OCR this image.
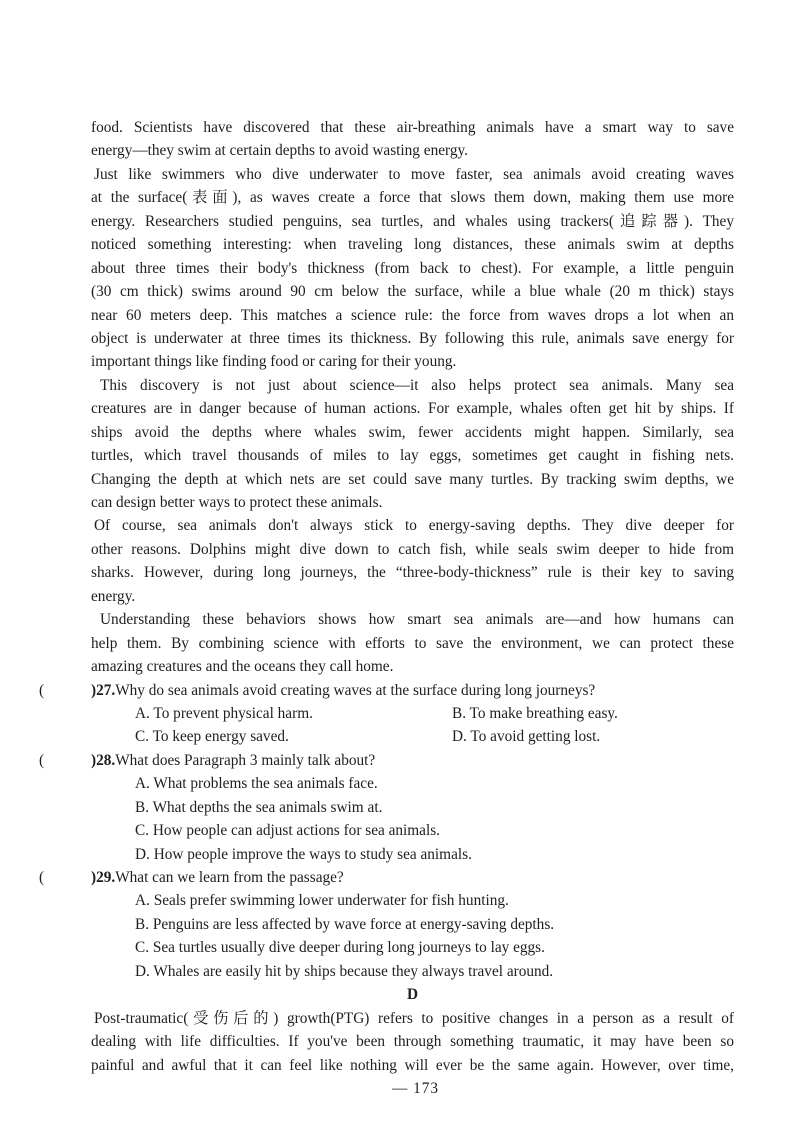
food. Scientists have discovered that these air-breathing animals have a smart way to save
energy—they swim at certain depths to avoid wasting energy.
Just like swimmers who dive underwater to move faster, sea animals avoid creating waves
at the surface(表面), as waves create a force that slows them down, making them use more
energy. Researchers studied penguins, sea turtles, and whales using trackers(追踪器). They
noticed something interesting: when traveling long distances, these animals swim at depths
about three times their body's thickness (from back to chest). For example, a little penguin
(30 cm thick) swims around 90 cm below the surface, while a blue whale (20 m thick) stays
near 60 meters deep. This matches a science rule: the force from waves drops a lot when an
object is underwater at three times its thickness. By following this rule, animals save energy for
important things like finding food or caring for their young.
This discovery is not just about science—it also helps protect sea animals. Many sea
creatures are in danger because of human actions. For example, whales often get hit by ships. If
ships avoid the depths where whales swim, fewer accidents might happen. Similarly, sea
turtles, which travel thousands of miles to lay eggs, sometimes get caught in fishing nets.
Changing the depth at which nets are set could save many turtles. By tracking swim depths, we
can design better ways to protect these animals.
Of course, sea animals don't always stick to energy-saving depths. They dive deeper for
other reasons. Dolphins might dive down to catch fish, while seals swim deeper to hide from
sharks. However, during long journeys, the “three-body-thickness” rule is their key to saving
energy.
Understanding these behaviors shows how smart sea animals are—and how humans can
help them. By combining science with efforts to save the environment, we can protect these
amazing creatures and the oceans they call home.
(	)27.Why do sea animals avoid creating waves at the surface during long journeys?
A. To prevent physical harm.	B. To make breathing easy.
C. To keep energy saved.	D. To avoid getting lost.
(	)28.What does Paragraph 3 mainly talk about?
A. What problems the sea animals face.
B. What depths the sea animals swim at.
C. How people can adjust actions for sea animals.
D. How people improve the ways to study sea animals.
(	)29.What can we learn from the passage?
A. Seals prefer swimming lower underwater for fish hunting.
B. Penguins are less affected by wave force at energy-saving depths.
C. Sea turtles usually dive deeper during long journeys to lay eggs.
D. Whales are easily hit by ships because they always travel around.
D
Post-traumatic(受伤后的) growth(PTG) refers to positive changes in a person as a result of
dealing with life difficulties. If you've been through something traumatic, it may have been so
painful and awful that it can feel like nothing will ever be the same again. However, over time,
— 173
